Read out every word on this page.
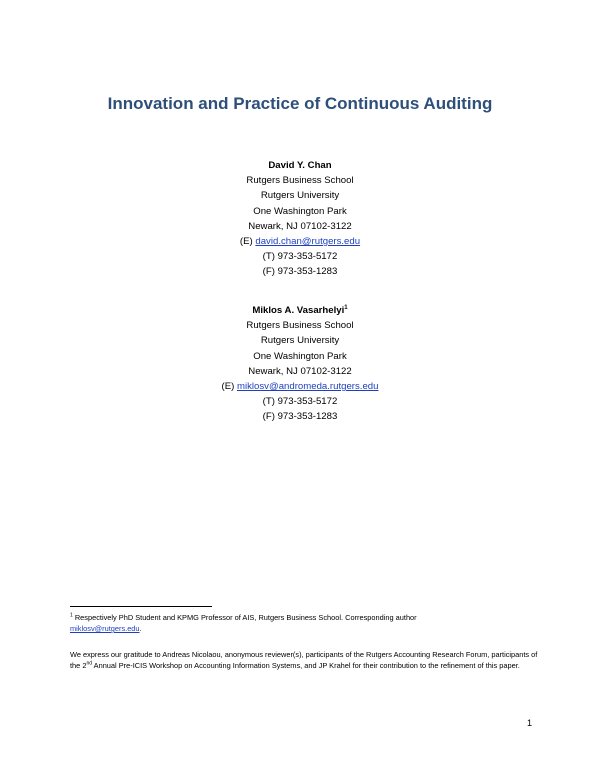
Innovation and Practice of Continuous Auditing
David Y. Chan
Rutgers Business School
Rutgers University
One Washington Park
Newark, NJ 07102-3122
(E) david.chan@rutgers.edu
(T) 973-353-5172
(F) 973-353-1283
Miklos A. Vasarhelyi$^1$
Rutgers Business School
Rutgers University
One Washington Park
Newark, NJ 07102-3122
(E) miklosv@andromeda.rutgers.edu
(T) 973-353-5172
(F) 973-353-1283
$^1$ Respectively PhD Student and KPMG Professor of AIS, Rutgers Business School. Corresponding author
miklosv@rutgers.edu.
We express our gratitude to Andreas Nicolaou, anonymous reviewer(s), participants of the Rutgers Accounting Research Forum, participants of the 2nd Annual Pre-ICIS Workshop on Accounting Information Systems, and JP Krahel for their contribution to the refinement of this paper.
1
